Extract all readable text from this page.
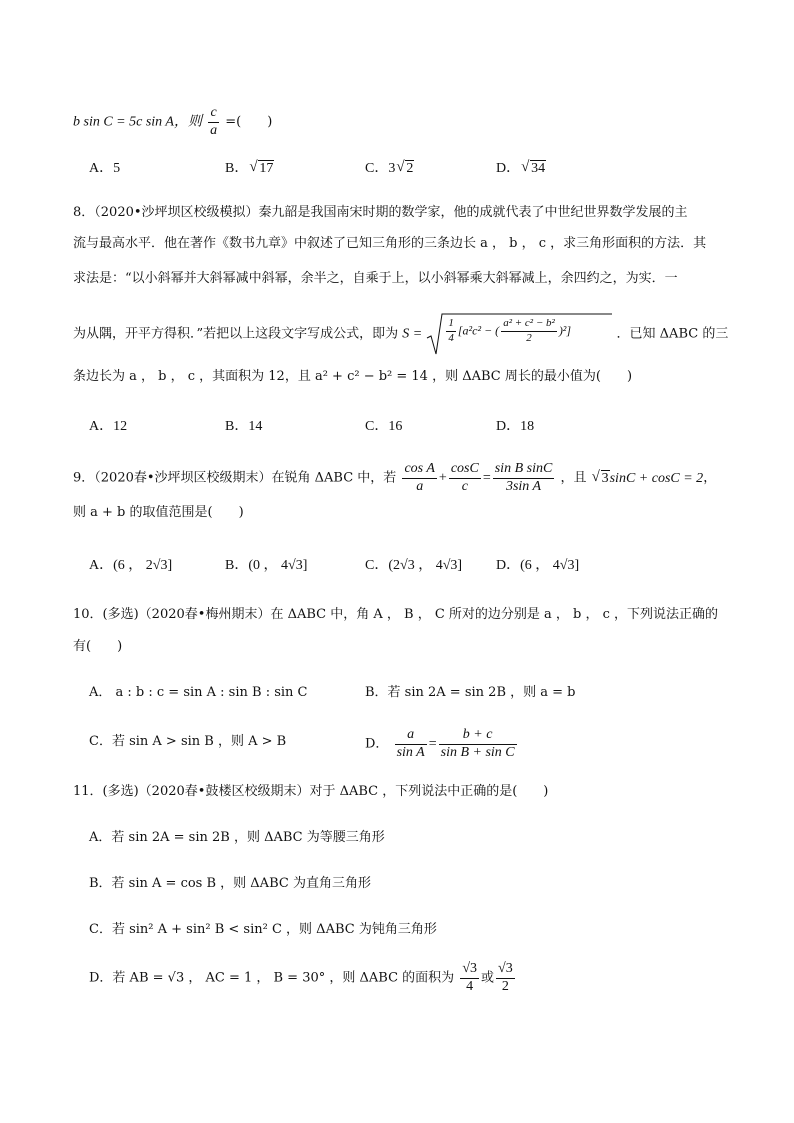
b sin C = 5c sin A，则 $\frac{c}{a}$ =(　　)
A．5	B． √ 17	C．3 √ 2	D． √ 34
8．（2020•沙坪坝区校级模拟）秦九韶是我国南宋时期的数学家，他的成就代表了中世纪世界数学发展的主
流与最高水平．他在著作《数书九章》中叙述了已知三角形的三条边长 a ， b ， c ，求三角形面积的方法．其
求法是：“以小斜幂并大斜幂减中斜幂，余半之，自乘于上，以小斜幂乘大斜幂减上，余四约之，为实．一
为从隅，开平方得积．”若把以上这段文字写成公式，即为 $S = \frac{1}{4} [a^2c^2$ − ( $\frac{\text{a² + c² − b²}}{2} )^2$]	．已知 ΔABC 的三
条边长为 a ， b ， c ，其面积为 12，且 a² + c² − b² = 14 ，则 ΔABC 周长的最小值为(　　)
A．12	B．14	C．16	D．18
9．（2020春•沙坪坝区校级期末）在锐角 ΔABC 中，若 $\frac{\text{cos A}}{a} + \frac{\cos C}{c} = \frac{\text{sin B sinC}}{\text{3sin A}}$ ，且 √ 3sinC + cosC = 2，
则 a + b 的取值范围是(　　)
A．(6 ， 2√3]	B．(0 ， 4√3]	C．(2√3 ， 4√3] D．(6 ， 4√3]
10．(多选)（2020春•梅州期末）在 ΔABC 中，角 A ， B ， C 所对的边分别是 a ， b ， c ，下列说法正确的
有(　　)
A． a : b : c = sin A : sin B : sin C	B．若 sin 2A = sin 2B ，则 a = b
C．若 sin A > sin B ，则 A > B	D． $\frac{a}{\text{sin A}} = \frac{b + c}{\text{sin B + sin C}}$
11．(多选)（2020春•鼓楼区校级期末）对于 ΔABC ，下列说法中正确的是(　　)
A．若 sin 2A = sin 2B ，则 ΔABC 为等腰三角形
B．若 sin A = cos B ，则 ΔABC 为直角三角形
C．若 sin² A + sin² B < sin² C ，则 ΔABC 为钝角三角形
D．若 AB = √3 ， AC = 1 ， B = 30° ，则 ΔABC 的面积为 $\frac{√3}{4}$ 或 $\frac{√3}{2}$
